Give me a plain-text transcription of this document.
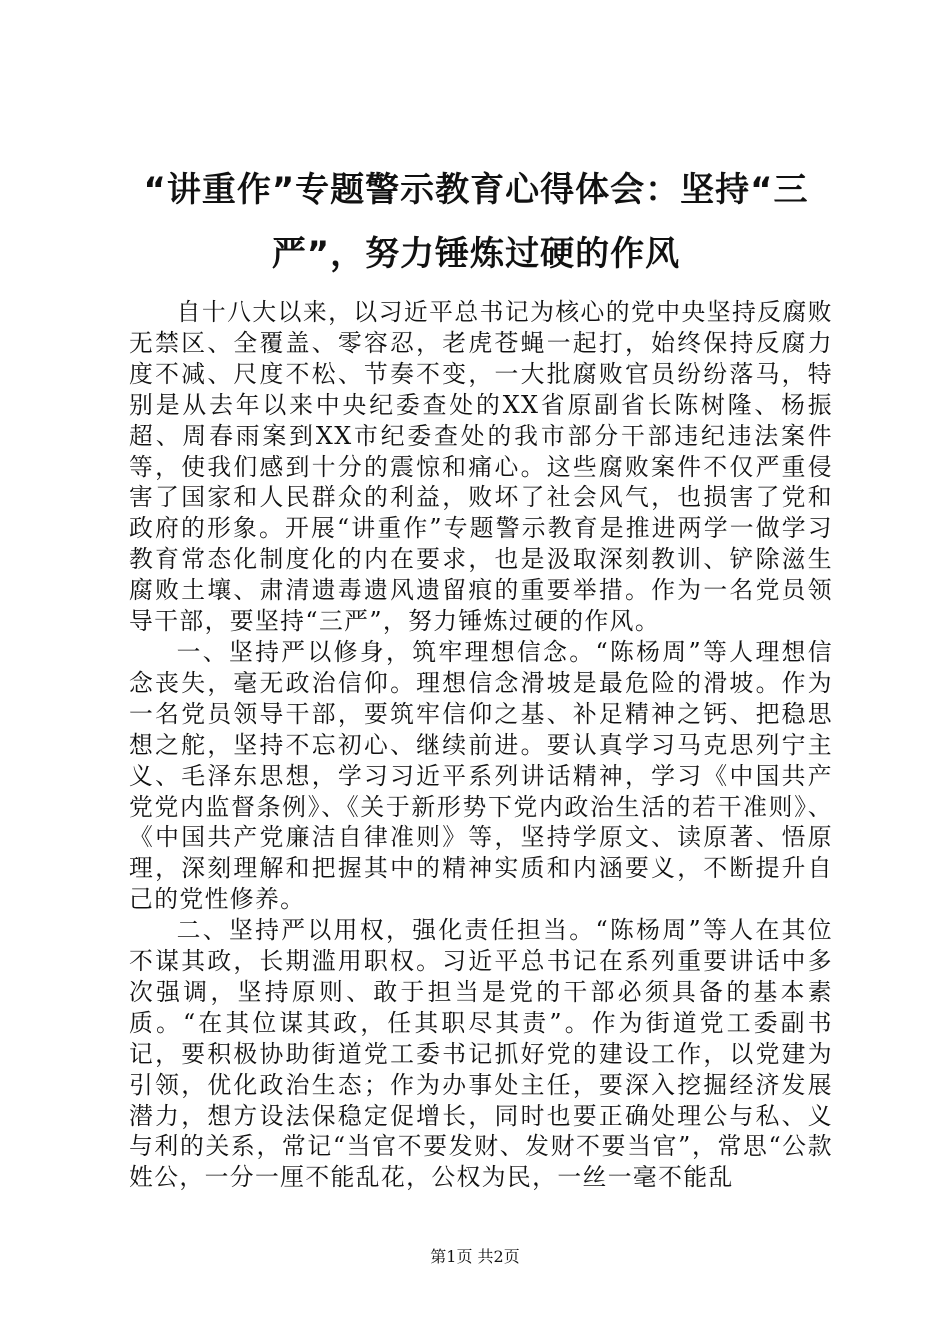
“讲重作”专题警示教育心得体会：坚持“三严”，努力锤炼过硬的作风

自十八大以来，以习近平总书记为核心的党中央坚持反腐败无禁区、全覆盖、零容忍，老虎苍蝇一起打，始终保持反腐力度不减、尺度不松、节奏不变，一大批腐败官员纷纷落马，特别是从去年以来中央纪委查处的XX省原副省长陈树隆、杨振超、周春雨案到XX市纪委查处的我市部分干部违纪违法案件等，使我们感到十分的震惊和痛心。这些腐败案件不仅严重侵害了国家和人民群众的利益，败坏了社会风气，也损害了党和政府的形象。开展“讲重作”专题警示教育是推进两学一做学习教育常态化制度化的内在要求，也是汲取深刻教训、铲除滋生腐败土壤、肃清遗毒遗风遗留痕的重要举措。作为一名党员领导干部，要坚持“三严”，努力锤炼过硬的作风。

一、坚持严以修身，筑牢理想信念。“陈杨周”等人理想信念丧失，毫无政治信仰。理想信念滑坡是最危险的滑坡。作为一名党员领导干部，要筑牢信仰之基、补足精神之钙、把稳思想之舵，坚持不忘初心、继续前进。要认真学习马克思列宁主义、毛泽东思想，学习习近平系列讲话精神，学习《中国共产党党内监督条例》、《关于新形势下党内政治生活的若干准则》、《中国共产党廉洁自律准则》等，坚持学原文、读原著、悟原理，深刻理解和把握其中的精神实质和内涵要义，不断提升自己的党性修养。

二、坚持严以用权，强化责任担当。“陈杨周”等人在其位不谋其政，长期滥用职权。习近平总书记在系列重要讲话中多次强调，坚持原则、敢于担当是党的干部必须具备的基本素质。“在其位谋其政，任其职尽其责”。作为街道党工委副书记，要积极协助街道党工委书记抓好党的建设工作，以党建为引领，优化政治生态；作为办事处主任，要深入挖掘经济发展潜力，想方设法保稳定促增长，同时也要正确处理公与私、义与利的关系，常记“当官不要发财、发财不要当官”，常思“公款姓公，一分一厘不能乱花，公权为民，一丝一毫不能乱

第1页 共2页
